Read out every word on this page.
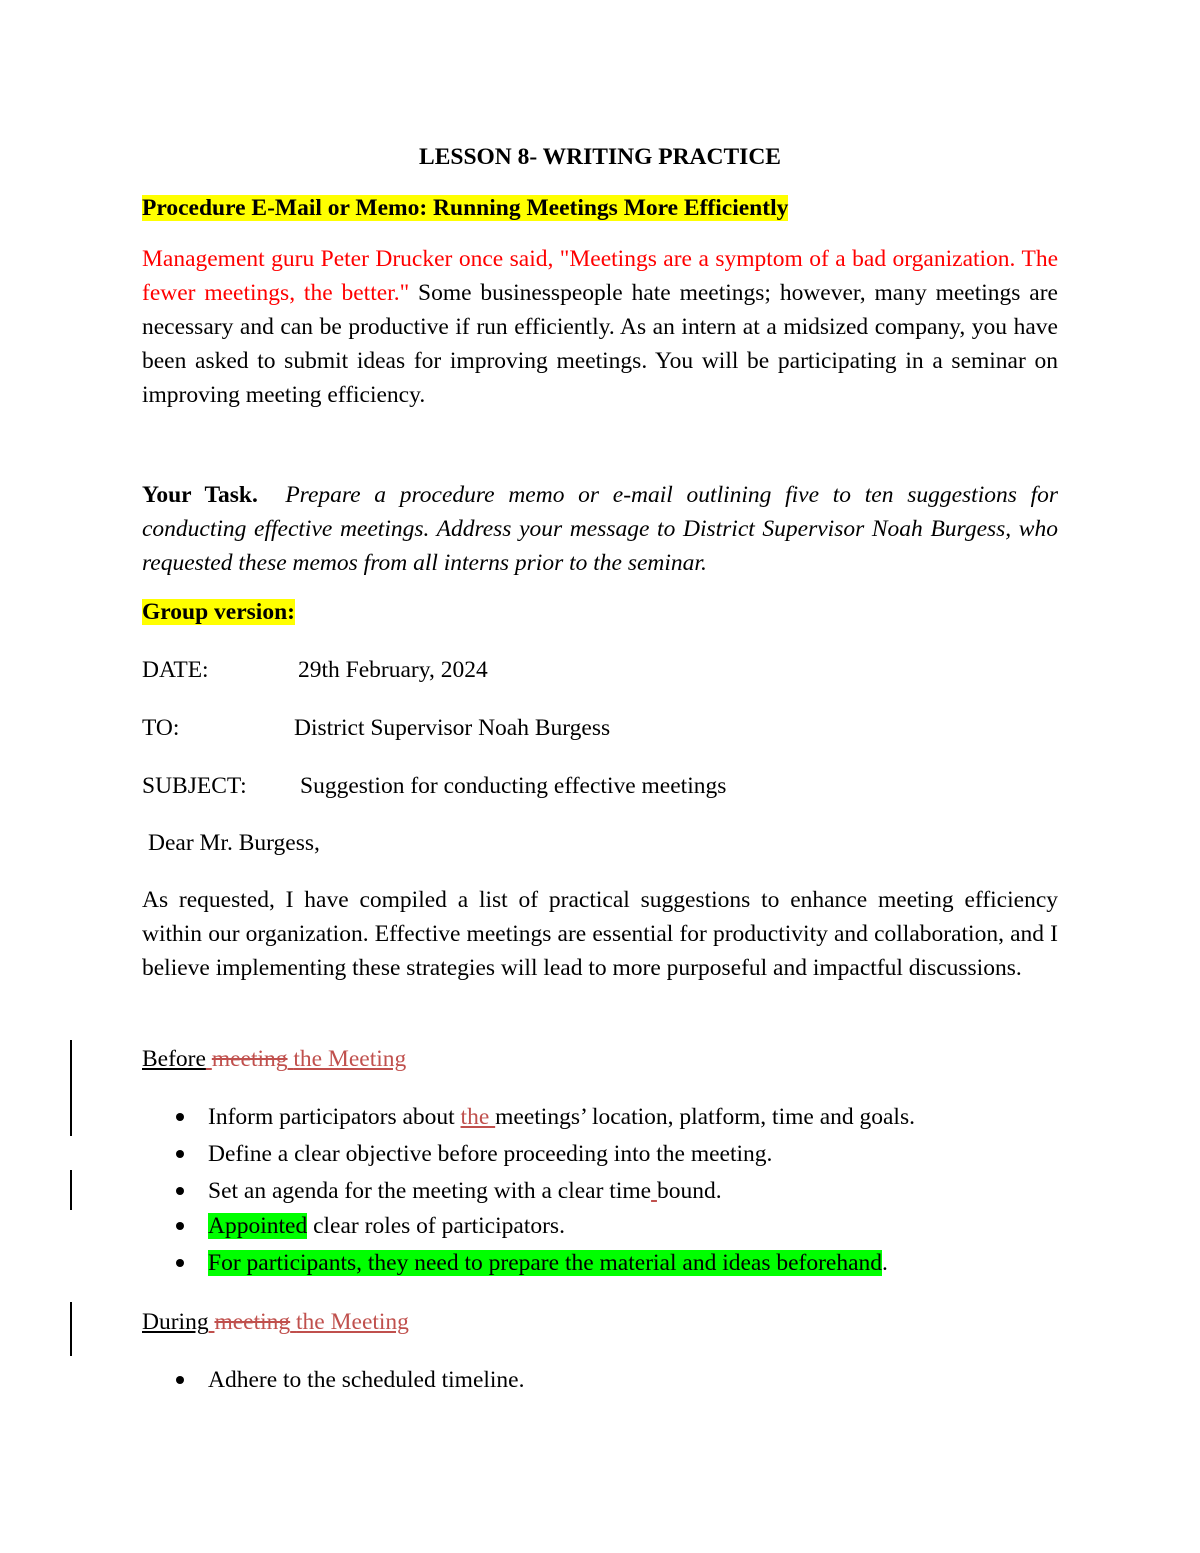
LESSON 8- WRITING PRACTICE
Procedure E-Mail or Memo: Running Meetings More Efficiently
Management guru Peter Drucker once said, "Meetings are a symptom of a bad organization. The fewer meetings, the better." Some businesspeople hate meetings; however, many meetings are necessary and can be productive if run efficiently. As an intern at a midsized company, you have been asked to submit ideas for improving meetings. You will be participating in a seminar on improving meeting efficiency.
Your Task. Prepare a procedure memo or e-mail outlining five to ten suggestions for conducting effective meetings. Address your message to District Supervisor Noah Burgess, who requested these memos from all interns prior to the seminar.
Group version:
DATE:	29th February, 2024
TO:	District Supervisor Noah Burgess
SUBJECT: Suggestion for conducting effective meetings
Dear Mr. Burgess,
As requested, I have compiled a list of practical suggestions to enhance meeting efficiency within our organization. Effective meetings are essential for productivity and collaboration, and I believe implementing these strategies will lead to more purposeful and impactful discussions.
Before meeting the Meeting
Inform participators about the meetings’ location, platform, time and goals.
Define a clear objective before proceeding into the meeting.
Set an agenda for the meeting with a clear time bound.
Appointed clear roles of participators.
For participants, they need to prepare the material and ideas beforehand.
During meeting the Meeting
Adhere to the scheduled timeline.
